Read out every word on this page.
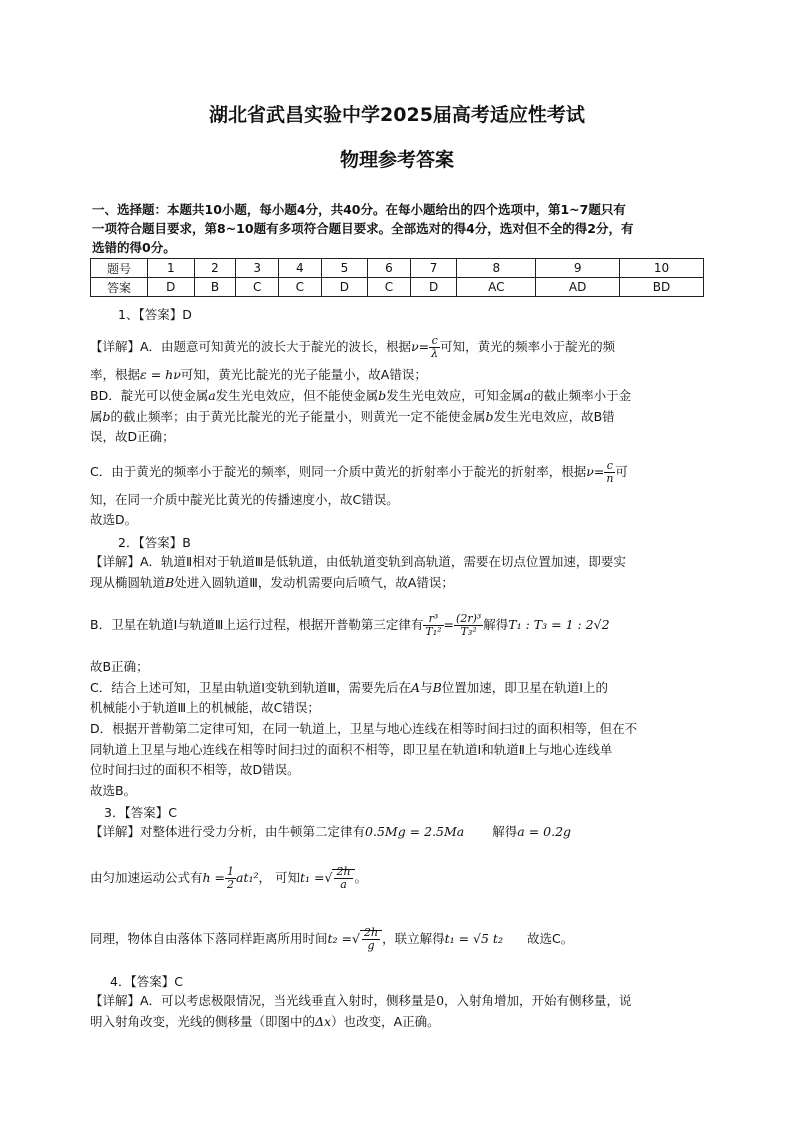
湖北省武昌实验中学2025届高考适应性考试
物理参考答案
一、选择题：本题共10小题，每小题4分，共40分。在每小题给出的四个选项中，第1~7题只有
一项符合题目要求，第8~10题有多项符合题目要求。全部选对的得4分，选对但不全的得2分，有
选错的得0分。
题号	1	2	3	4	5	6	7	8	9	10
答案	D	B	C	C	D	C	D	AC	AD	BD
1、【答案】D
【详解】A．由题意可知黄光的波长大于靛光的波长，根据$\nu= \frac{c}{\lambda}$ 可知，黄光的频率小于靛光的频
率，根据ε = hν可知，黄光比靛光的光子能量小，故A错误；
BD．靛光可以使金属a发生光电效应，但不能使金属b发生光电效应，可知金属a的截止频率小于金
属b的截止频率；由于黄光比靛光的光子能量小，则黄光一定不能使金属b发生光电效应，故B错
误，故D正确；
C．由于黄光的频率小于靛光的频率，则同一介质中黄光的折射率小于靛光的折射率，根据$\nu= \frac{c}{n}$ 可
知，在同一介质中靛光比黄光的传播速度小，故C错误。
故选D。
2．【答案】B
【详解】A．轨道Ⅱ相对于轨道Ⅲ是低轨道，由低轨道变轨到高轨道，需要在切点位置加速，即要实
现从椭圆轨道B处进入圆轨道Ⅲ，发动机需要向后喷气，故A错误；
B．卫星在轨道Ⅰ与轨道Ⅲ上运行过程，根据开普勒第三定律有 $\frac{\text{r³}}{\text{T₁²}} = \frac{\text{(2r)³}}{\text{T₃²}}$ 解得T₁ : T₃ = 1 : 2√2
故B正确；
C．结合上述可知，卫星由轨道Ⅰ变轨到轨道Ⅲ，需要先后在A与B位置加速，即卫星在轨道Ⅰ上的
机械能小于轨道Ⅲ上的机械能，故C错误；
D．根据开普勒第二定律可知，在同一轨道上，卫星与地心连线在相等时间扫过的面积相等，但在不
同轨道上卫星与地心连线在相等时间扫过的面积不相等，即卫星在轨道Ⅰ和轨道Ⅱ上与地心连线单
位时间扫过的面积不相等，故D错误。
故选B。
3．【答案】C
【详解】对整体进行受力分析，由牛顿第二定律有0.5Mg = 2.5Ma 解得a = 0.2g
由匀加速运动公式有$h = \frac{1}{2} at_1^2$， 可知t₁ =√ $\frac{2h}{a}$ 。
同理，物体自由落体下落同样距离所用时间t₂ =√ $\frac{2h}{g}$ ，联立解得t₁ = √5 t₂ 故选C。
4．【答案】C
【详解】A．可以考虑极限情况，当光线垂直入射时，侧移量是0，入射角增加，开始有侧移量，说
明入射角改变，光线的侧移量（即图中的Δx）也改变，A正确。
